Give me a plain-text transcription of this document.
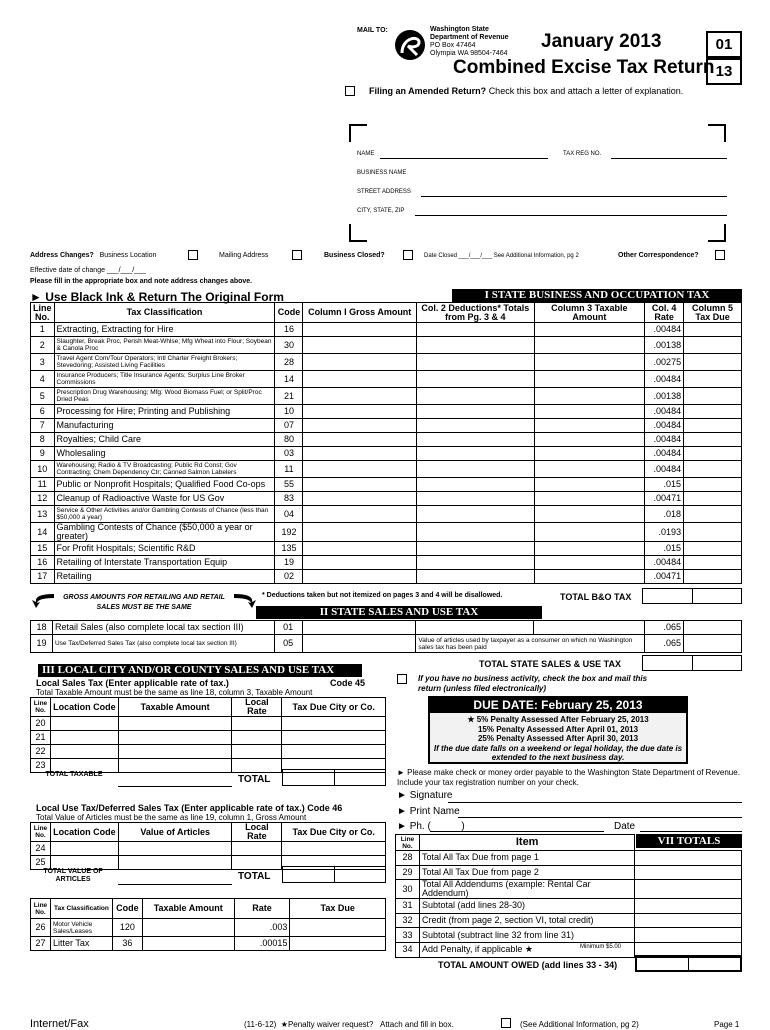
MAIL TO:	Washington State
Department of Revenue
PO Box 47464
Olympia WA 98504-7464
January 2013
Combined Excise Tax Return
01
13
Filing an Amended Return? Check this box and attach a letter of explanation.
NAME	TAX REG NO.
BUSINESS NAME
STREET ADDRESS
CITY, STATE, ZIP
Address Changes? Business Location	Mailing Address	Business Closed?	Date Closed ___/___/___ See Additional Information, pg 2	Other Correspondence?
Effective date of change ___/___/___
Please fill in the appropriate box and note address changes above.
► Use Black Ink & Return The Original Form	I STATE BUSINESS AND OCCUPATION TAX
Line No.	Tax Classification	Code	Column I Gross Amount	Col. 2 Deductions* Totals from Pg. 3 & 4	Column 3 Taxable Amount	Col. 4 Rate	Column 5 Tax Due
1	Extracting, Extracting for Hire	16				.00484	
2	Slaughter, Break Proc, Perish Meat-Whlse; Mfg Wheat into Flour; Soybean & Canola Proc	30				.00138	
3	Travel Agent Com/Tour Operators; Intl Charter Freight Brokers; Stevedoring; Assisted Living Facilities	28				.00275	
4	Insurance Producers; Title Insurance Agents; Surplus Line Broker Commissions	14				.00484	
5	Prescription Drug Warehousing; Mfg: Wood Biomass Fuel; or Split/Proc Dried Peas	21				.00138	
6	Processing for Hire; Printing and Publishing	10				.00484	
7	Manufacturing	07				.00484	
8	Royalties; Child Care	80				.00484	
9	Wholesaling	03				.00484	
10	Warehousing; Radio & TV Broadcasting; Public Rd Const; Gov Contracting; Chem Dependency Ctr; Canned Salmon Labelers	11				.00484	
11	Public or Nonprofit Hospitals; Qualified Food Co-ops	55				.015	
12	Cleanup of Radioactive Waste for US Gov	83				.00471	
13	Service & Other Activities and/or Gambling Contests of Chance (less than $50,000 a year)	04				.018	
14	Gambling Contests of Chance ($50,000 a year or greater)	192				.0193	
15	For Profit Hospitals; Scientific R&D	135				.015	
16	Retailing of Interstate Transportation Equip	19				.00484	
17	Retailing	02				.00471	
GROSS AMOUNTS FOR RETAILING AND RETAIL SALES MUST BE THE SAME
* Deductions taken but not itemized on pages 3 and 4 will be disallowed.	TOTAL B&O TAX
II STATE SALES AND USE TAX
18	Retail Sales (also complete local tax section III)	01				.065	
19	Use Tax/Deferred Sales Tax (also complete local tax section III)	05		Value of articles used by taxpayer as a consumer on which no Washington sales tax has been paid		.065	
TOTAL STATE SALES & USE TAX
III LOCAL CITY AND/OR COUNTY SALES AND USE TAX
Local Sales Tax (Enter applicable rate of tax.)	Code 45
Total Taxable Amount must be the same as line 18, column 3, Taxable Amount
Line No.	Location Code	Taxable Amount	Local Rate	Tax Due City or Co.
20				
21				
22				
23				
TOTAL TAXABLE	TOTAL
Local Use Tax/Deferred Sales Tax (Enter applicable rate of tax.) Code 46
Total Value of Articles must be the same as line 19, column 1, Gross Amount
Line No.	Location Code	Value of Articles	Local Rate	Tax Due City or Co.
24				
25				
TOTAL VALUE OF ARTICLES	TOTAL
Line No.	Tax Classification	Code	Taxable Amount	Rate	Tax Due
26	Motor Vehicle Sales/Leases	120		.003	
27	Litter Tax	36		.00015	
If you have no business activity, check the box and mail this return (unless filed electronically)
DUE DATE: February 25, 2013
★ 5% Penalty Assessed After February 25, 2013
15% Penalty Assessed After April 01, 2013
25% Penalty Assessed After April 30, 2013
If the due date falls on a weekend or legal holiday, the due date is extended to the next business day.
► Please make check or money order payable to the Washington State Department of Revenue. Include your tax registration number on your check.
► Signature
► Print Name
► Ph. (           )	Date
VII TOTALS
Line No.	Item	
28	Total All Tax Due from page 1	
29	Total All Tax Due from page 2	
30	Total All Addendums (example: Rental Car Addendum)	
31	Subtotal (add lines 28-30)	
32	Credit (from page 2, section VI, total credit)	
33	Subtotal (subtract line 32 from line 31)	
34	Add Penalty, if applicable ★		Minimum $5.00
TOTAL AMOUNT OWED (add lines 33 - 34)
Internet/Fax	(11-6-12) ★Penalty waiver request? Attach and fill in box.	(See Additional Information, pg 2)	Page 1
